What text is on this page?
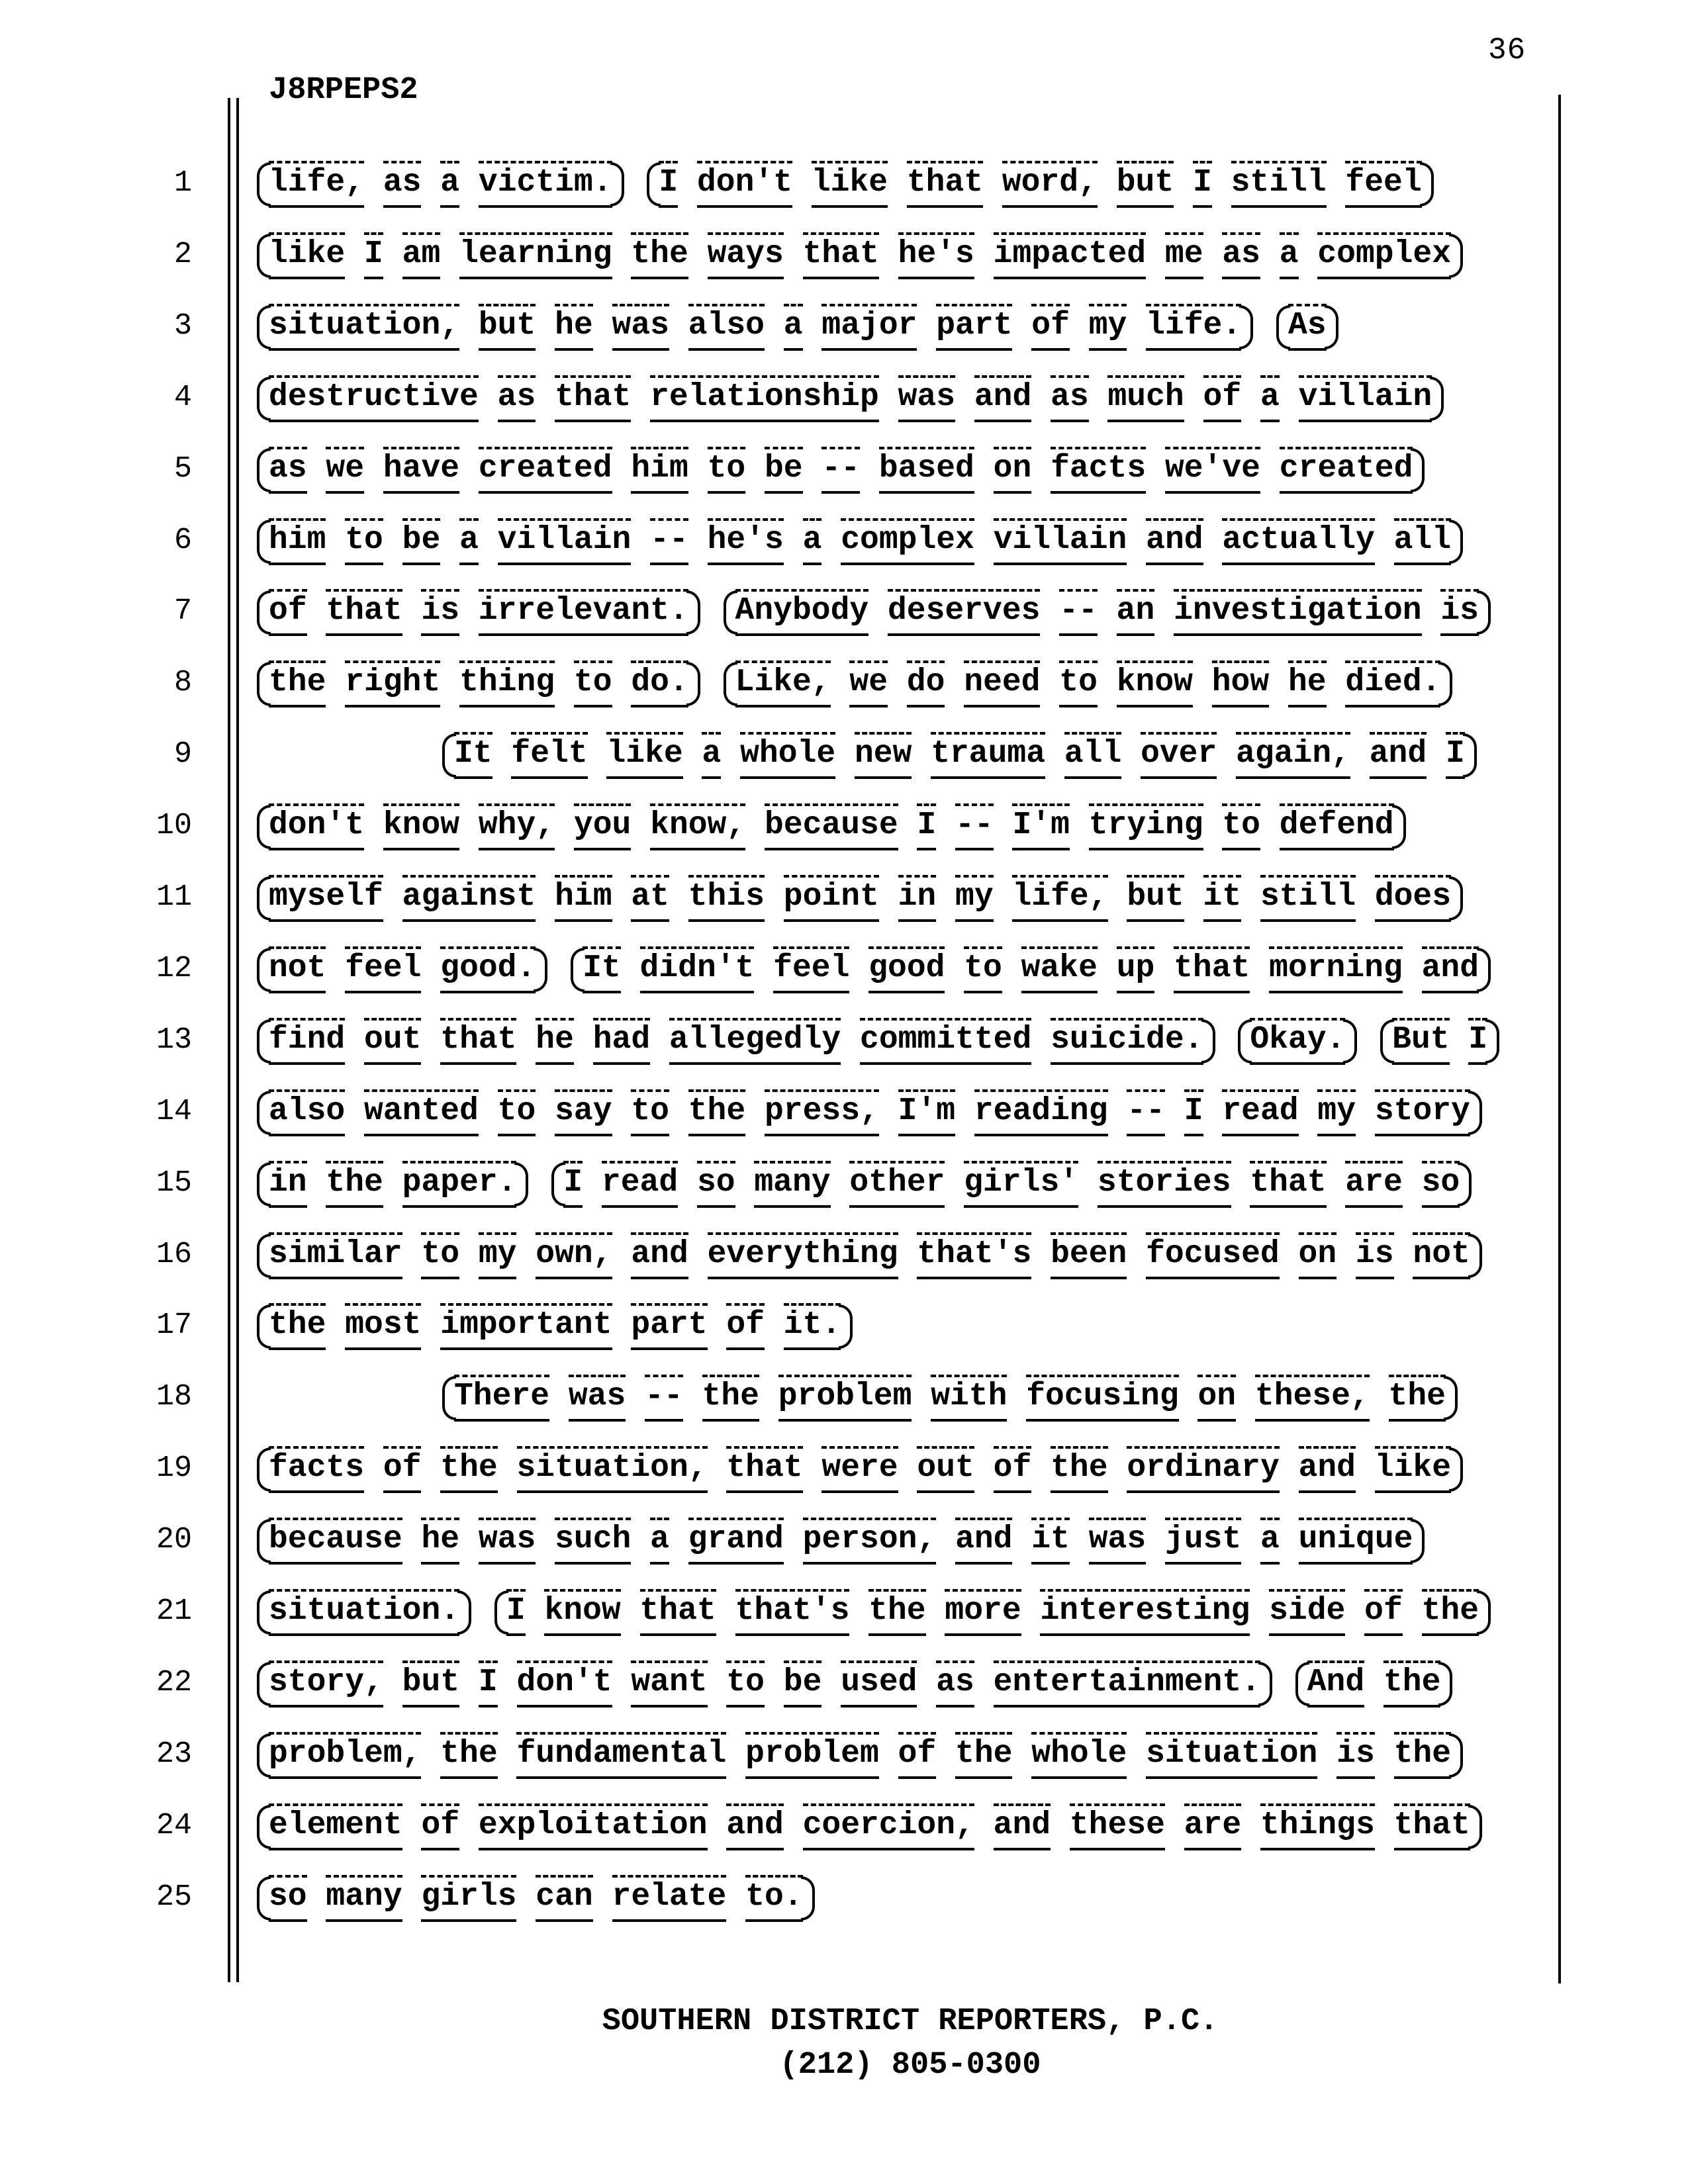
36
J8RPEPS2
1	life, as a victim. I don't like that word, but I still feel
2	like I am learning the ways that he's impacted me as a complex
3	situation, but he was also a major part of my life. As
4	destructive as that relationship was and as much of a villain
5	as we have created him to be -- based on facts we've created
6	him to be a villain -- he's a complex villain and actually all
7	of that is irrelevant. Anybody deserves -- an investigation is
8	the right thing to do. Like, we do need to know how he died.
9	It felt like a whole new trauma all over again, and I
10	don't know why, you know, because I -- I'm trying to defend
11	myself against him at this point in my life, but it still does
12	not feel good. It didn't feel good to wake up that morning and
13	find out that he had allegedly committed suicide. Okay. But I
14	also wanted to say to the press, I'm reading -- I read my story
15	in the paper. I read so many other girls' stories that are so
16	similar to my own, and everything that's been focused on is not
17	the most important part of it.
18	There was -- the problem with focusing on these, the
19	facts of the situation, that were out of the ordinary and like
20	because he was such a grand person, and it was just a unique
21	situation. I know that that's the more interesting side of the
22	story, but I don't want to be used as entertainment. And the
23	problem, the fundamental problem of the whole situation is the
24	element of exploitation and coercion, and these are things that
25	so many girls can relate to.
SOUTHERN DISTRICT REPORTERS, P.C.
(212) 805-0300
